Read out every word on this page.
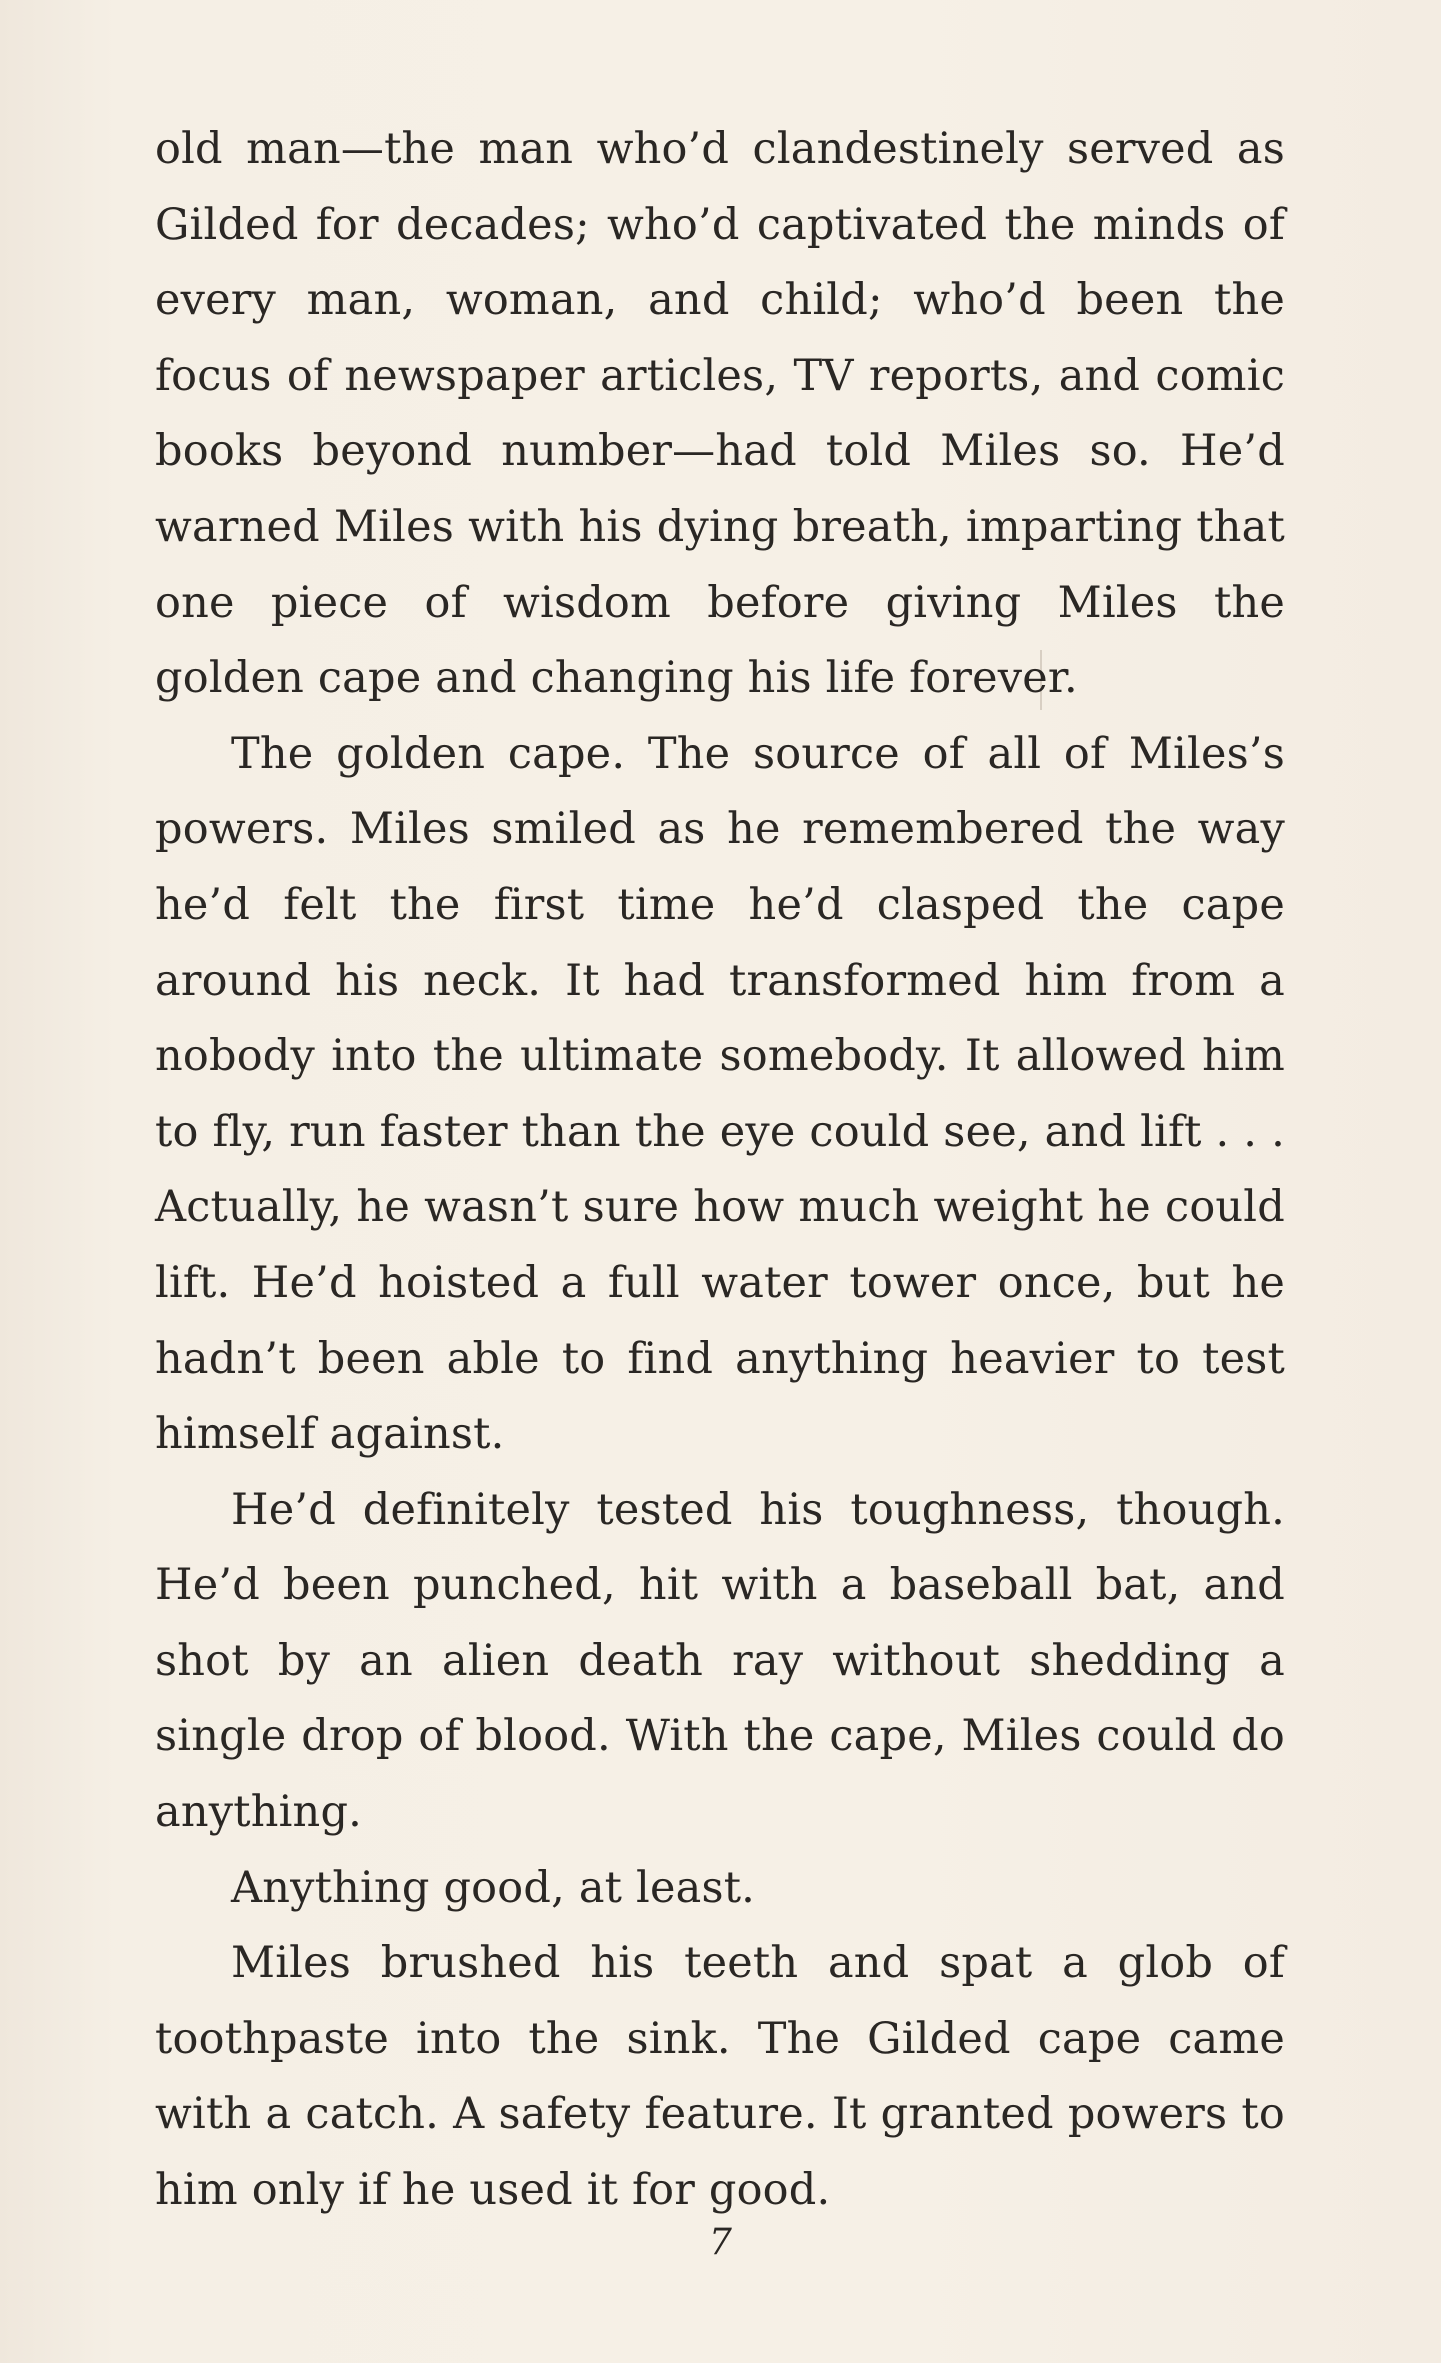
old man—the man who’d clandestinely served as Gilded for decades; who’d captivated the minds of every man, woman, and child; who’d been the focus of newspaper articles, TV reports, and comic books beyond number—had told Miles so. He’d warned Miles with his dying breath, imparting that one piece of wisdom before giving Miles the golden cape and changing his life forever.

The golden cape. The source of all of Miles’s powers. Miles smiled as he remembered the way he’d felt the first time he’d clasped the cape around his neck. It had transformed him from a nobody into the ultimate somebody. It allowed him to fly, run faster than the eye could see, and lift . . . Actually, he wasn’t sure how much weight he could lift. He’d hoisted a full water tower once, but he hadn’t been able to find anything heavier to test himself against.

He’d definitely tested his toughness, though. He’d been punched, hit with a baseball bat, and shot by an alien death ray without shedding a single drop of blood. With the cape, Miles could do anything.

Anything good, at least.

Miles brushed his teeth and spat a glob of toothpaste into the sink. The Gilded cape came with a catch. A safety feature. It granted powers to him only if he used it for good.

7
